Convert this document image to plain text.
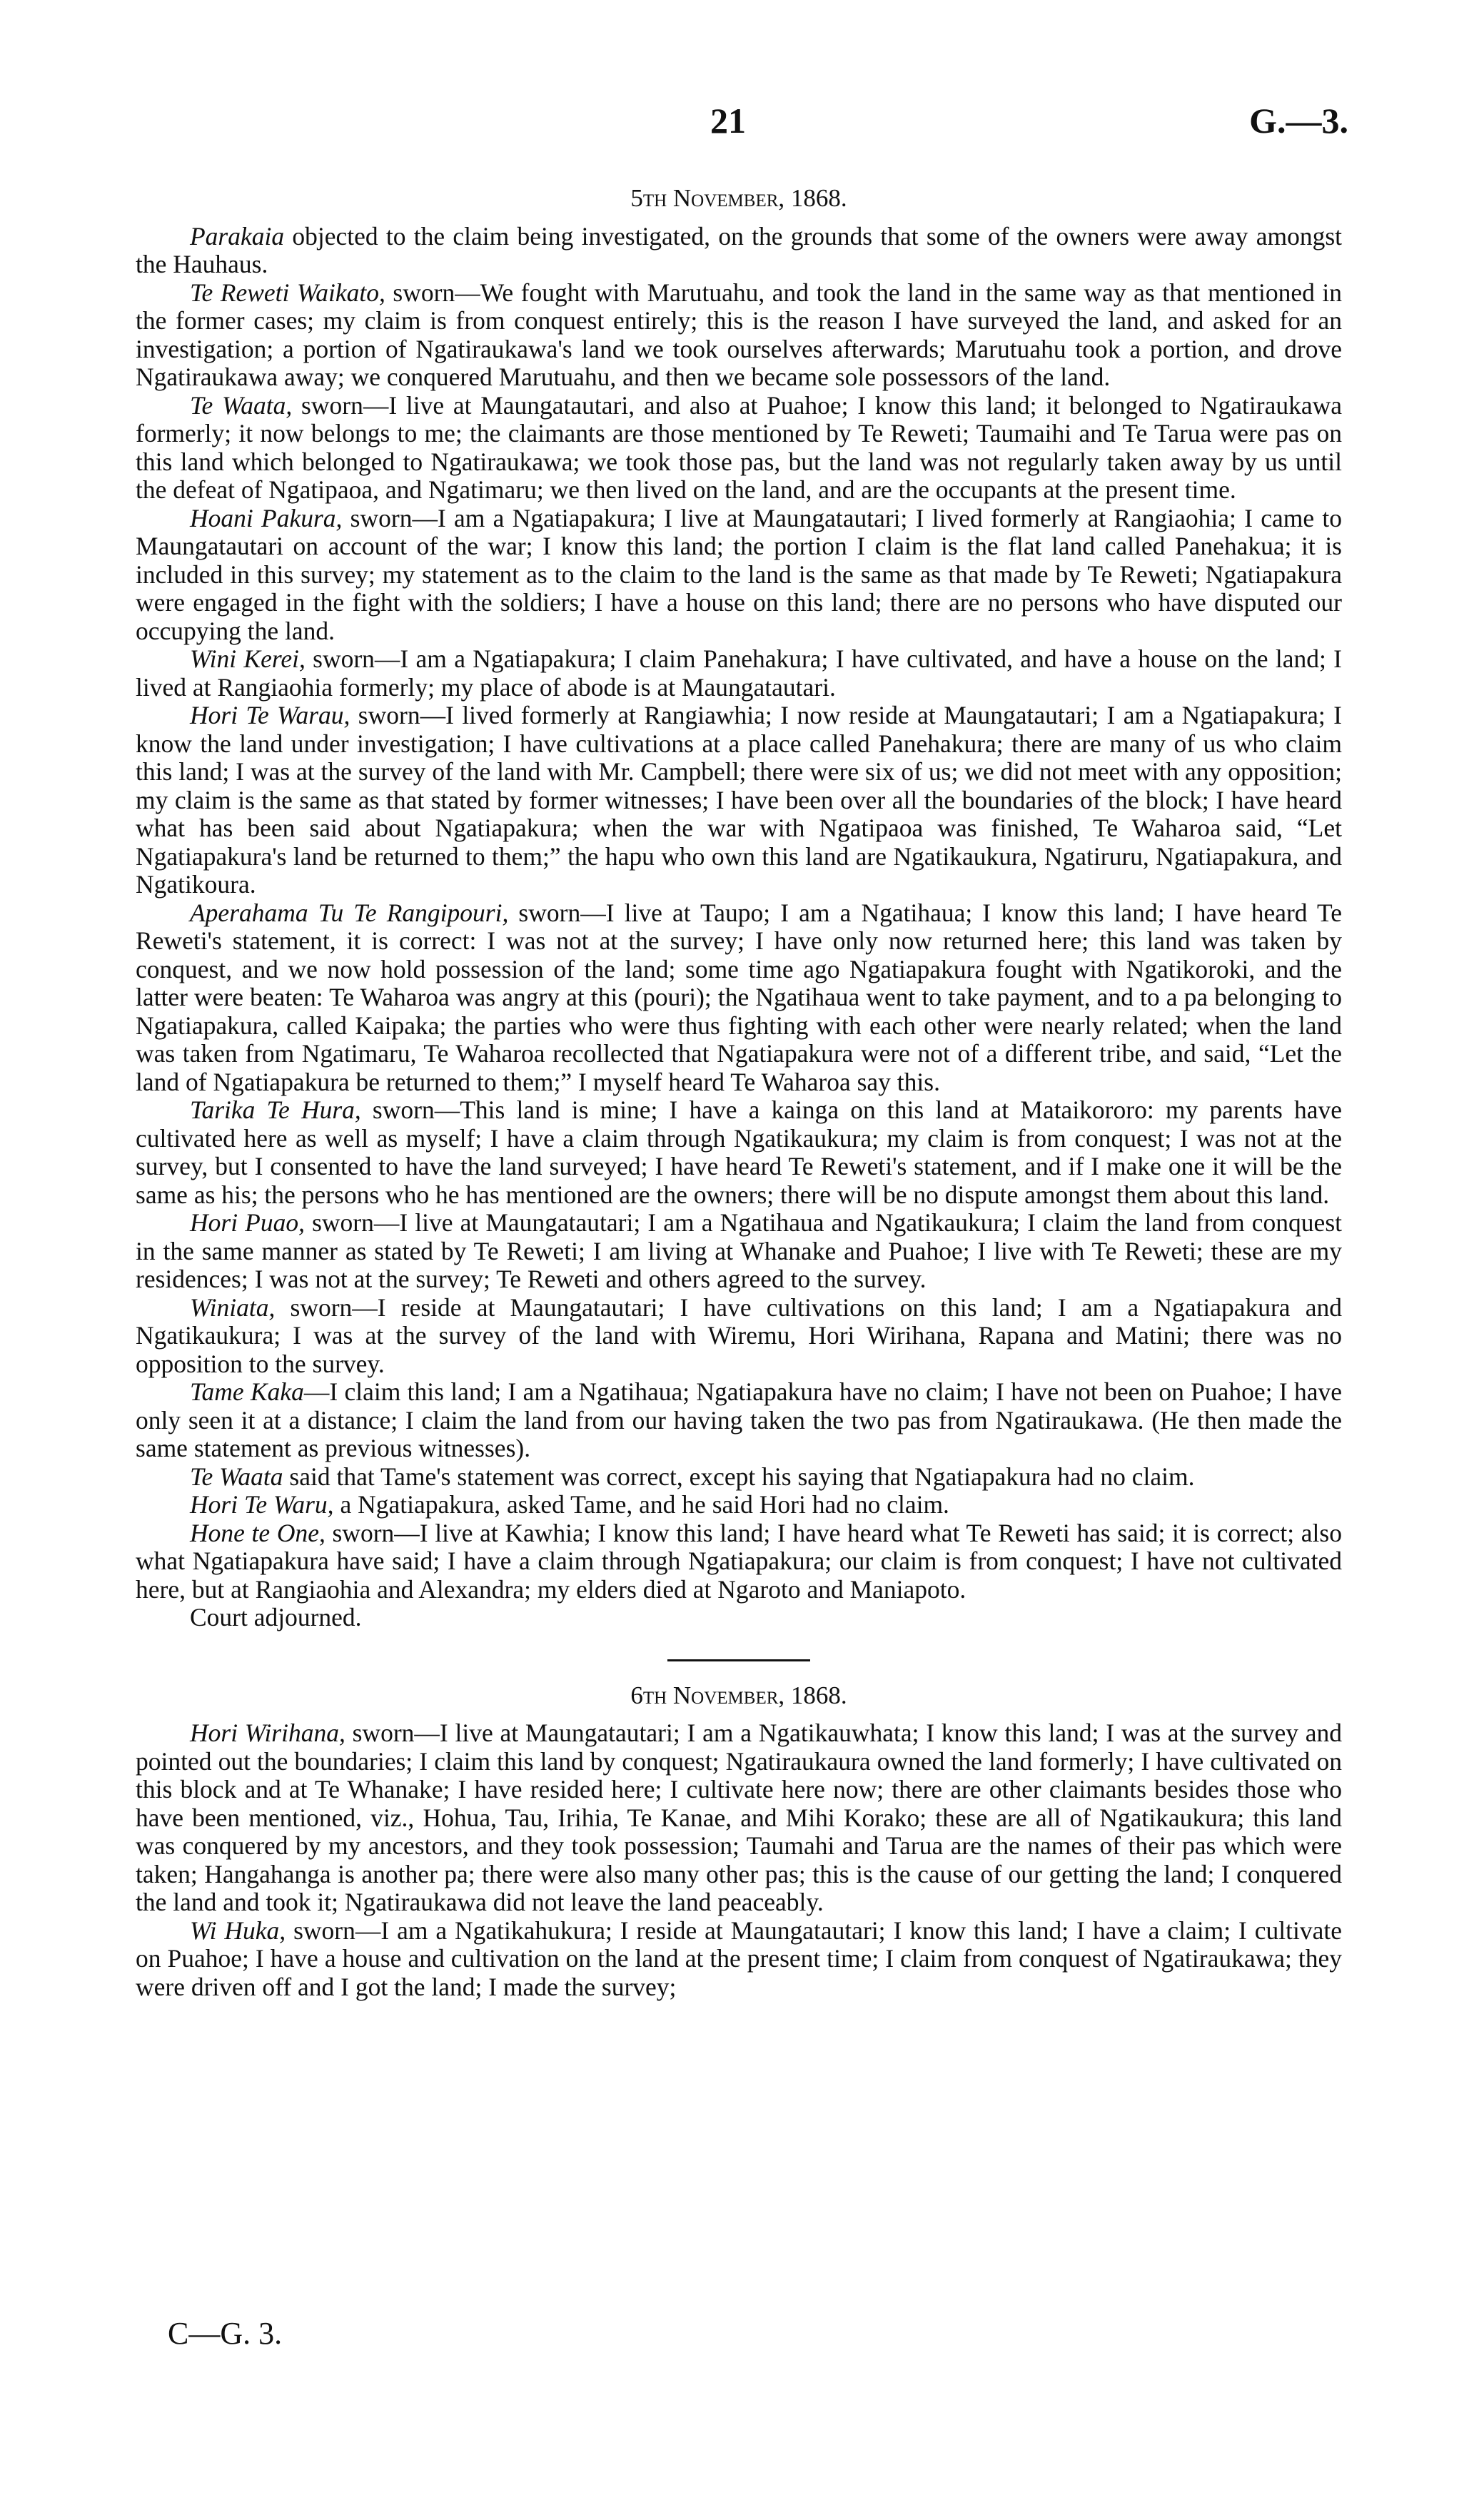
21	G.—3.
5th November, 1868.

Parakaia objected to the claim being investigated, on the grounds that some of the owners were away amongst the Hauhaus.

Te Reweti Waikato, sworn—We fought with Marutuahu, and took the land in the same way as that mentioned in the former cases; my claim is from conquest entirely; this is the reason I have surveyed the land, and asked for an investigation; a portion of Ngatiraukawa's land we took ourselves afterwards; Marutuahu took a portion, and drove Ngatiraukawa away; we conquered Marutuahu, and then we became sole possessors of the land.

Te Waata, sworn—I live at Maungatautari, and also at Puahoe; I know this land; it belonged to Ngatiraukawa formerly; it now belongs to me; the claimants are those mentioned by Te Reweti; Taumaihi and Te Tarua were pas on this land which belonged to Ngatiraukawa; we took those pas, but the land was not regularly taken away by us until the defeat of Ngatipaoa, and Ngatimaru; we then lived on the land, and are the occupants at the present time.

Hoani Pakura, sworn—I am a Ngatiapakura; I live at Maungatautari; I lived formerly at Rangiaohia; I came to Maungatautari on account of the war; I know this land; the portion I claim is the flat land called Panehakua; it is included in this survey; my statement as to the claim to the land is the same as that made by Te Reweti; Ngatiapakura were engaged in the fight with the soldiers; I have a house on this land; there are no persons who have disputed our occupying the land.

Wini Kerei, sworn—I am a Ngatiapakura; I claim Panehakura; I have cultivated, and have a house on the land; I lived at Rangiaohia formerly; my place of abode is at Maungatautari.

Hori Te Warau, sworn—I lived formerly at Rangiawhia; I now reside at Maungatautari; I am a Ngatiapakura; I know the land under investigation; I have cultivations at a place called Panehakura; there are many of us who claim this land; I was at the survey of the land with Mr. Campbell; there were six of us; we did not meet with any opposition; my claim is the same as that stated by former witnesses; I have been over all the boundaries of the block; I have heard what has been said about Ngatiapakura; when the war with Ngatipaoa was finished, Te Waharoa said, “Let Ngatiapakura's land be returned to them;” the hapu who own this land are Ngatikaukura, Ngatiruru, Ngatiapakura, and Ngatikoura.

Aperahama Tu Te Rangipouri, sworn—I live at Taupo; I am a Ngatihaua; I know this land; I have heard Te Reweti's statement, it is correct: I was not at the survey; I have only now returned here; this land was taken by conquest, and we now hold possession of the land; some time ago Ngatiapakura fought with Ngatikoroki, and the latter were beaten: Te Waharoa was angry at this (pouri); the Ngatihaua went to take payment, and to a pa belonging to Ngatiapakura, called Kaipaka; the parties who were thus fighting with each other were nearly related; when the land was taken from Ngatimaru, Te Waharoa recollected that Ngatiapakura were not of a different tribe, and said, “Let the land of Ngatiapakura be returned to them;” I myself heard Te Waharoa say this.

Tarika Te Hura, sworn—This land is mine; I have a kainga on this land at Mataikororo: my parents have cultivated here as well as myself; I have a claim through Ngatikaukura; my claim is from conquest; I was not at the survey, but I consented to have the land surveyed; I have heard Te Reweti's statement, and if I make one it will be the same as his; the persons who he has mentioned are the owners; there will be no dispute amongst them about this land.

Hori Puao, sworn—I live at Maungatautari; I am a Ngatihaua and Ngatikaukura; I claim the land from conquest in the same manner as stated by Te Reweti; I am living at Whanake and Puahoe; I live with Te Reweti; these are my residences; I was not at the survey; Te Reweti and others agreed to the survey.

Winiata, sworn—I reside at Maungatautari; I have cultivations on this land; I am a Ngatiapakura and Ngatikaukura; I was at the survey of the land with Wiremu, Hori Wirihana, Rapana and Matini; there was no opposition to the survey.

Tame Kaka—I claim this land; I am a Ngatihaua; Ngatiapakura have no claim; I have not been on Puahoe; I have only seen it at a distance; I claim the land from our having taken the two pas from Ngatiraukawa. (He then made the same statement as previous witnesses).

Te Waata said that Tame's statement was correct, except his saying that Ngatiapakura had no claim.

Hori Te Waru, a Ngatiapakura, asked Tame, and he said Hori had no claim.

Hone te One, sworn—I live at Kawhia; I know this land; I have heard what Te Reweti has said; it is correct; also what Ngatiapakura have said; I have a claim through Ngatiapakura; our claim is from conquest; I have not cultivated here, but at Rangiaohia and Alexandra; my elders died at Ngaroto and Maniapoto.

Court adjourned.

6th November, 1868.

Hori Wirihana, sworn—I live at Maungatautari; I am a Ngatikauwhata; I know this land; I was at the survey and pointed out the boundaries; I claim this land by conquest; Ngatiraukaura owned the land formerly; I have cultivated on this block and at Te Whanake; I have resided here; I cultivate here now; there are other claimants besides those who have been mentioned, viz., Hohua, Tau, Irihia, Te Kanae, and Mihi Korako; these are all of Ngatikaukura; this land was conquered by my ancestors, and they took possession; Taumahi and Tarua are the names of their pas which were taken; Hangahanga is another pa; there were also many other pas; this is the cause of our getting the land; I conquered the land and took it; Ngatiraukawa did not leave the land peaceably.

Wi Huka, sworn—I am a Ngatikahukura; I reside at Maungatautari; I know this land; I have a claim; I cultivate on Puahoe; I have a house and cultivation on the land at the present time; I claim from conquest of Ngatiraukawa; they were driven off and I got the land; I made the survey;

C—G. 3.
